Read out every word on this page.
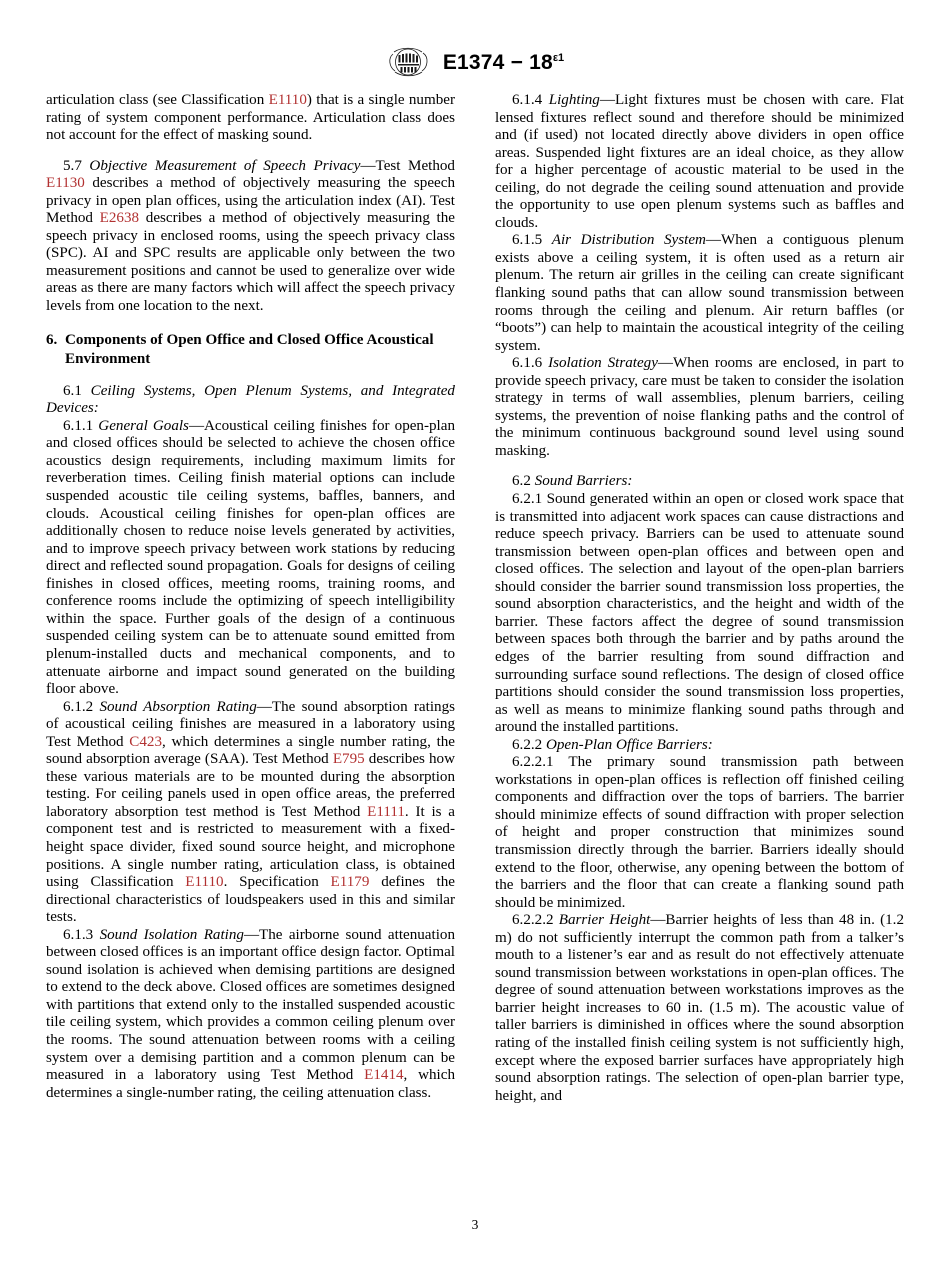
$E1374 - 18^{\varepsilon 1}$

articulation class (see Classification E1110) that is a single number rating of system component performance. Articulation class does not account for the effect of masking sound.

5.7 Objective Measurement of Speech Privacy—Test Method E1130 describes a method of objectively measuring the speech privacy in open plan offices, using the articulation index (AI). Test Method E2638 describes a method of objectively measuring the speech privacy in enclosed rooms, using the speech privacy class (SPC). AI and SPC results are applicable only between the two measurement positions and cannot be used to generalize over wide areas as there are many factors which will affect the speech privacy levels from one location to the next.

6. Components of Open Office and Closed Office Acoustical Environment

6.1 Ceiling Systems, Open Plenum Systems, and Integrated Devices:

6.1.1 General Goals—Acoustical ceiling finishes for open-plan and closed offices should be selected to achieve the chosen office acoustics design requirements, including maximum limits for reverberation times. Ceiling finish material options can include suspended acoustic tile ceiling systems, baffles, banners, and clouds. Acoustical ceiling finishes for open-plan offices are additionally chosen to reduce noise levels generated by activities, and to improve speech privacy between work stations by reducing direct and reflected sound propagation. Goals for designs of ceiling finishes in closed offices, meeting rooms, training rooms, and conference rooms include the optimizing of speech intelligibility within the space. Further goals of the design of a continuous suspended ceiling system can be to attenuate sound emitted from plenum-installed ducts and mechanical components, and to attenuate airborne and impact sound generated on the building floor above.

6.1.2 Sound Absorption Rating—The sound absorption ratings of acoustical ceiling finishes are measured in a laboratory using Test Method C423, which determines a single number rating, the sound absorption average (SAA). Test Method E795 describes how these various materials are to be mounted during the absorption testing. For ceiling panels used in open office areas, the preferred laboratory absorption test method is Test Method E1111. It is a component test and is restricted to measurement with a fixed-height space divider, fixed sound source height, and microphone positions. A single number rating, articulation class, is obtained using Classification E1110. Specification E1179 defines the directional characteristics of loudspeakers used in this and similar tests.

6.1.3 Sound Isolation Rating—The airborne sound attenuation between closed offices is an important office design factor. Optimal sound isolation is achieved when demising partitions are designed to extend to the deck above. Closed offices are sometimes designed with partitions that extend only to the installed suspended acoustic tile ceiling system, which provides a common ceiling plenum over the rooms. The sound attenuation between rooms with a ceiling system over a demising partition and a common plenum can be measured in a laboratory using Test Method E1414, which determines a single-number rating, the ceiling attenuation class.

6.1.4 Lighting—Light fixtures must be chosen with care. Flat lensed fixtures reflect sound and therefore should be minimized and (if used) not located directly above dividers in open office areas. Suspended light fixtures are an ideal choice, as they allow for a higher percentage of acoustic material to be used in the ceiling, do not degrade the ceiling sound attenuation and provide the opportunity to use open plenum systems such as baffles and clouds.

6.1.5 Air Distribution System—When a contiguous plenum exists above a ceiling system, it is often used as a return air plenum. The return air grilles in the ceiling can create significant flanking sound paths that can allow sound transmission between rooms through the ceiling and plenum. Air return baffles (or “boots”) can help to maintain the acoustical integrity of the ceiling system.

6.1.6 Isolation Strategy—When rooms are enclosed, in part to provide speech privacy, care must be taken to consider the isolation strategy in terms of wall assemblies, plenum barriers, ceiling systems, the prevention of noise flanking paths and the control of the minimum continuous background sound level using sound masking.

6.2 Sound Barriers:

6.2.1 Sound generated within an open or closed work space that is transmitted into adjacent work spaces can cause distractions and reduce speech privacy. Barriers can be used to attenuate sound transmission between open-plan offices and between open and closed offices. The selection and layout of the open-plan barriers should consider the barrier sound transmission loss properties, the sound absorption characteristics, and the height and width of the barrier. These factors affect the degree of sound transmission between spaces both through the barrier and by paths around the edges of the barrier resulting from sound diffraction and surrounding surface sound reflections. The design of closed office partitions should consider the sound transmission loss properties, as well as means to minimize flanking sound paths through and around the installed partitions.

6.2.2 Open-Plan Office Barriers:

6.2.2.1 The primary sound transmission path between workstations in open-plan offices is reflection off finished ceiling components and diffraction over the tops of barriers. The barrier should minimize effects of sound diffraction with proper selection of height and proper construction that minimizes sound transmission directly through the barrier. Barriers ideally should extend to the floor, otherwise, any opening between the bottom of the barriers and the floor that can create a flanking sound path should be minimized.

6.2.2.2 Barrier Height—Barrier heights of less than 48 in. (1.2 m) do not sufficiently interrupt the common path from a talker’s mouth to a listener’s ear and as result do not effectively attenuate sound transmission between workstations in open-plan offices. The degree of sound attenuation between workstations improves as the barrier height increases to 60 in. (1.5 m). The acoustic value of taller barriers is diminished in offices where the sound absorption rating of the installed finish ceiling system is not sufficiently high, except where the exposed barrier surfaces have appropriately high sound absorption ratings. The selection of open-plan barrier type, height, and

3
